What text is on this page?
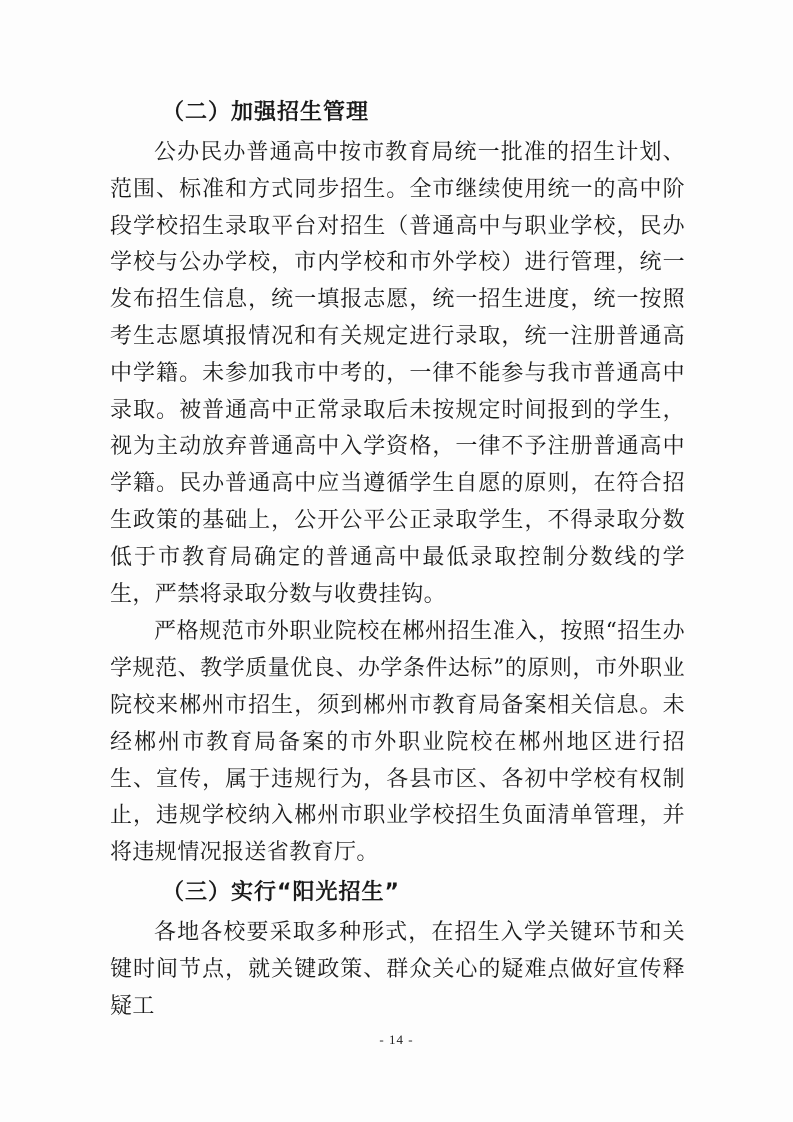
（二）加强招生管理

公办民办普通高中按市教育局统一批准的招生计划、范围、标准和方式同步招生。全市继续使用统一的高中阶段学校招生录取平台对招生（普通高中与职业学校，民办学校与公办学校，市内学校和市外学校）进行管理，统一发布招生信息，统一填报志愿，统一招生进度，统一按照考生志愿填报情况和有关规定进行录取，统一注册普通高中学籍。未参加我市中考的，一律不能参与我市普通高中录取。被普通高中正常录取后未按规定时间报到的学生，视为主动放弃普通高中入学资格，一律不予注册普通高中学籍。民办普通高中应当遵循学生自愿的原则，在符合招生政策的基础上，公开公平公正录取学生，不得录取分数低于市教育局确定的普通高中最低录取控制分数线的学生，严禁将录取分数与收费挂钩。

严格规范市外职业院校在郴州招生准入，按照“招生办学规范、教学质量优良、办学条件达标”的原则，市外职业院校来郴州市招生，须到郴州市教育局备案相关信息。未经郴州市教育局备案的市外职业院校在郴州地区进行招生、宣传，属于违规行为，各县市区、各初中学校有权制止，违规学校纳入郴州市职业学校招生负面清单管理，并将违规情况报送省教育厅。

（三）实行“阳光招生”

各地各校要采取多种形式，在招生入学关键环节和关键时间节点，就关键政策、群众关心的疑难点做好宣传释疑工

- 14 -
